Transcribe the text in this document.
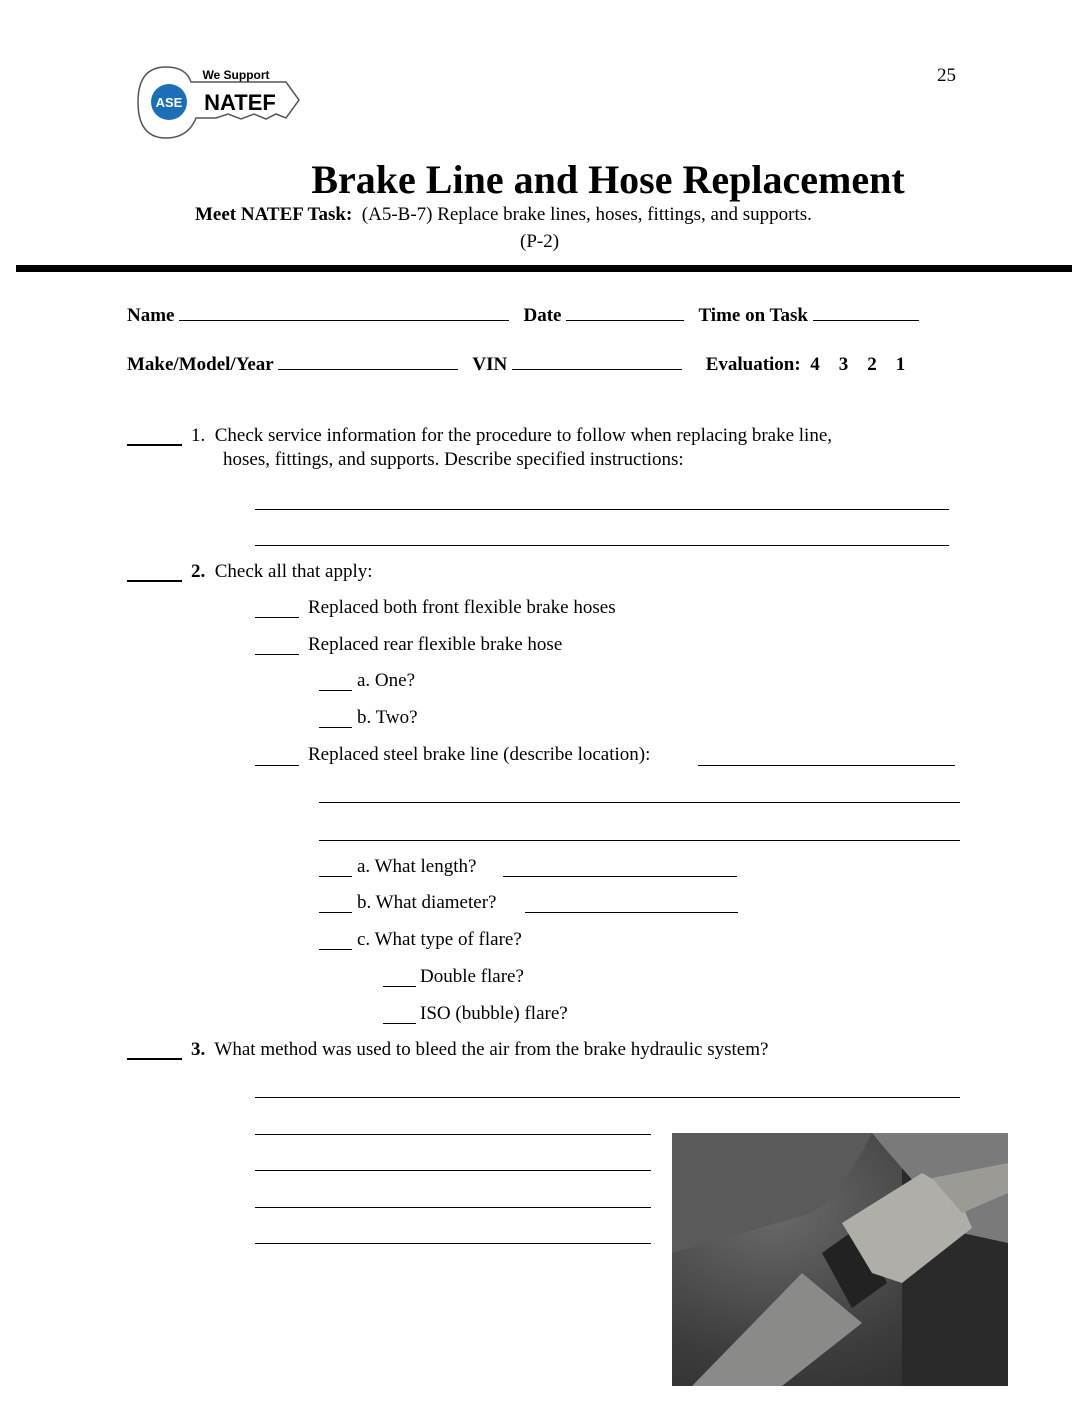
25
ASE
We Support
NATEF
Brake Line and Hose Replacement
Meet NATEF Task: (A5-B-7) Replace brake lines, hoses, fittings, and supports.
(P-2)
Name	Date	Time on Task
Make/Model/Year	VIN	Evaluation: 4 3 2 1
1. Check service information for the procedure to follow when replacing brake line,
hoses, fittings, and supports. Describe specified instructions:
2. Check all that apply:
Replaced both front flexible brake hoses
Replaced rear flexible brake hose
a. One?
b. Two?
Replaced steel brake line (describe location):
a. What length?
b. What diameter?
c. What type of flare?
Double flare?
ISO (bubble) flare?
3. What method was used to bleed the air from the brake hydraulic system?
